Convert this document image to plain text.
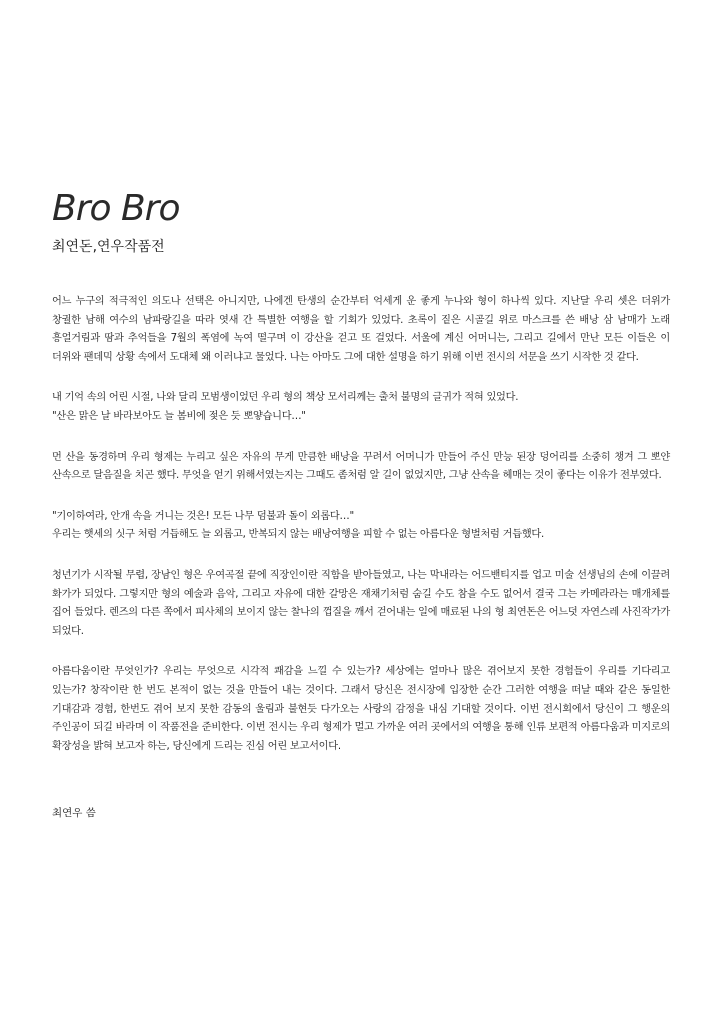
Bro Bro
최연돈,연우작품전

어느 누구의 적극적인 의도나 선택은 아니지만, 나에겐 탄생의 순간부터 억세게 운 좋게 누나와 형이 하나씩 있다. 지난달 우리 셋은 더위가 창궐한 남해 여수의 남파랑길을 따라 엿새 간 특별한 여행을 할 기회가 있었다. 초록이 짙은 시골길 위로 마스크를 쓴 배낭 삼 남매가 노래 흥얼거림과 땀과 추억들을 7월의 폭염에 녹여 떨구며 이 강산을 걷고 또 걸었다. 서울에 계신 어머니는, 그리고 길에서 만난 모든 이들은 이 더위와 팬데믹 상황 속에서 도대체 왜 이러냐고 물었다. 나는 아마도 그에 대한 설명을 하기 위해 이번 전시의 서문을 쓰기 시작한 것 같다.

내 기억 속의 어린 시절, 나와 달리 모범생이었던 우리 형의 책상 모서리께는 출처 불명의 글귀가 적혀 있었다.
"산은 맑은 날 바라보아도 늘 봄비에 젖은 듯 뽀얗습니다…"

먼 산을 동경하며 우리 형제는 누리고 싶은 자유의 무게 만큼한 배낭을 꾸려서 어머니가 만들어 주신 만능 된장 덩어리를 소중히 챙겨 그 뽀얀 산속으로 달음질을 치곤 했다. 무엇을 얻기 위해서였는지는 그때도 좀처럼 알 길이 없었지만, 그냥 산속을 헤매는 것이 좋다는 이유가 전부였다.

"기이하여라, 안개 속을 거니는 것은! 모든 나무 덤불과 돌이 외롭다…"
우리는 햇세의 싯구 처럼 거듭해도 늘 외롭고, 반복되지 않는 배낭여행을 피할 수 없는 아름다운 형벌처럼 거듭했다.

청년기가 시작될 무렵, 장남인 형은 우여곡절 끝에 직장인이란 직함을 받아들였고, 나는 막내라는 어드밴티지를 업고 미술 선생님의 손에 이끌려 화가가 되었다. 그렇지만 형의 예술과 음악, 그리고 자유에 대한 갈망은 재채기처럼 숨길 수도 참을 수도 없어서 결국 그는 카메라라는 매개체를 집어 들었다. 렌즈의 다른 쪽에서 피사체의 보이지 않는 찰나의 껍질을 깨서 걷어내는 일에 매료된 나의 형 최연돈은 어느덧 자연스레 사진작가가 되었다.

아름다움이란 무엇인가? 우리는 무엇으로 시각적 쾌감을 느낄 수 있는가? 세상에는 얼마나 많은 겪어보지 못한 경험들이 우리를 기다리고 있는가? 창작이란 한 번도 본적이 없는 것을 만들어 내는 것이다. 그래서 당신은 전시장에 입장한 순간 그러한 여행을 떠날 때와 같은 동일한 기대감과 경험, 한번도 겪어 보지 못한 감동의 울림과 불현듯 다가오는 사랑의 감정을 내심 기대할 것이다. 이번 전시회에서 당신이 그 행운의 주인공이 되길 바라며 이 작품전을 준비한다. 이번 전시는 우리 형제가 멀고 가까운 여러 곳에서의 여행을 통해 인류 보편적 아름다움과 미지로의 확장성을 밝혀 보고자 하는, 당신에게 드리는 진심 어린 보고서이다.

최연우 씀
